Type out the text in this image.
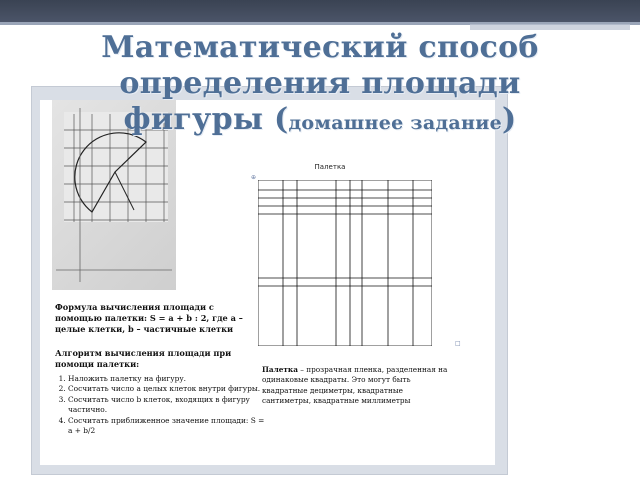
Математический способ
определения площади
фигуры (домашнее задание)
Формула вычисления площади с помощью палетки: S = a + b : 2, где a – целые клетки, b – частичные клетки
Алгоритм вычисления площади при помощи палетки:
1. Наложить палетку на фигуру.
2. Сосчитать число a целых клеток внутри фигуры.
3. Сосчитать число b клеток, входящих в фигуру частично.
4. Сосчитать приближенное значение площади: S = a + b/2
Палетка
⊕
□
Палетка – прозрачная пленка, разделенная на одинаковые квадраты. Это могут быть квадратные дециметры, квадратные сантиметры, квадратные миллиметры
